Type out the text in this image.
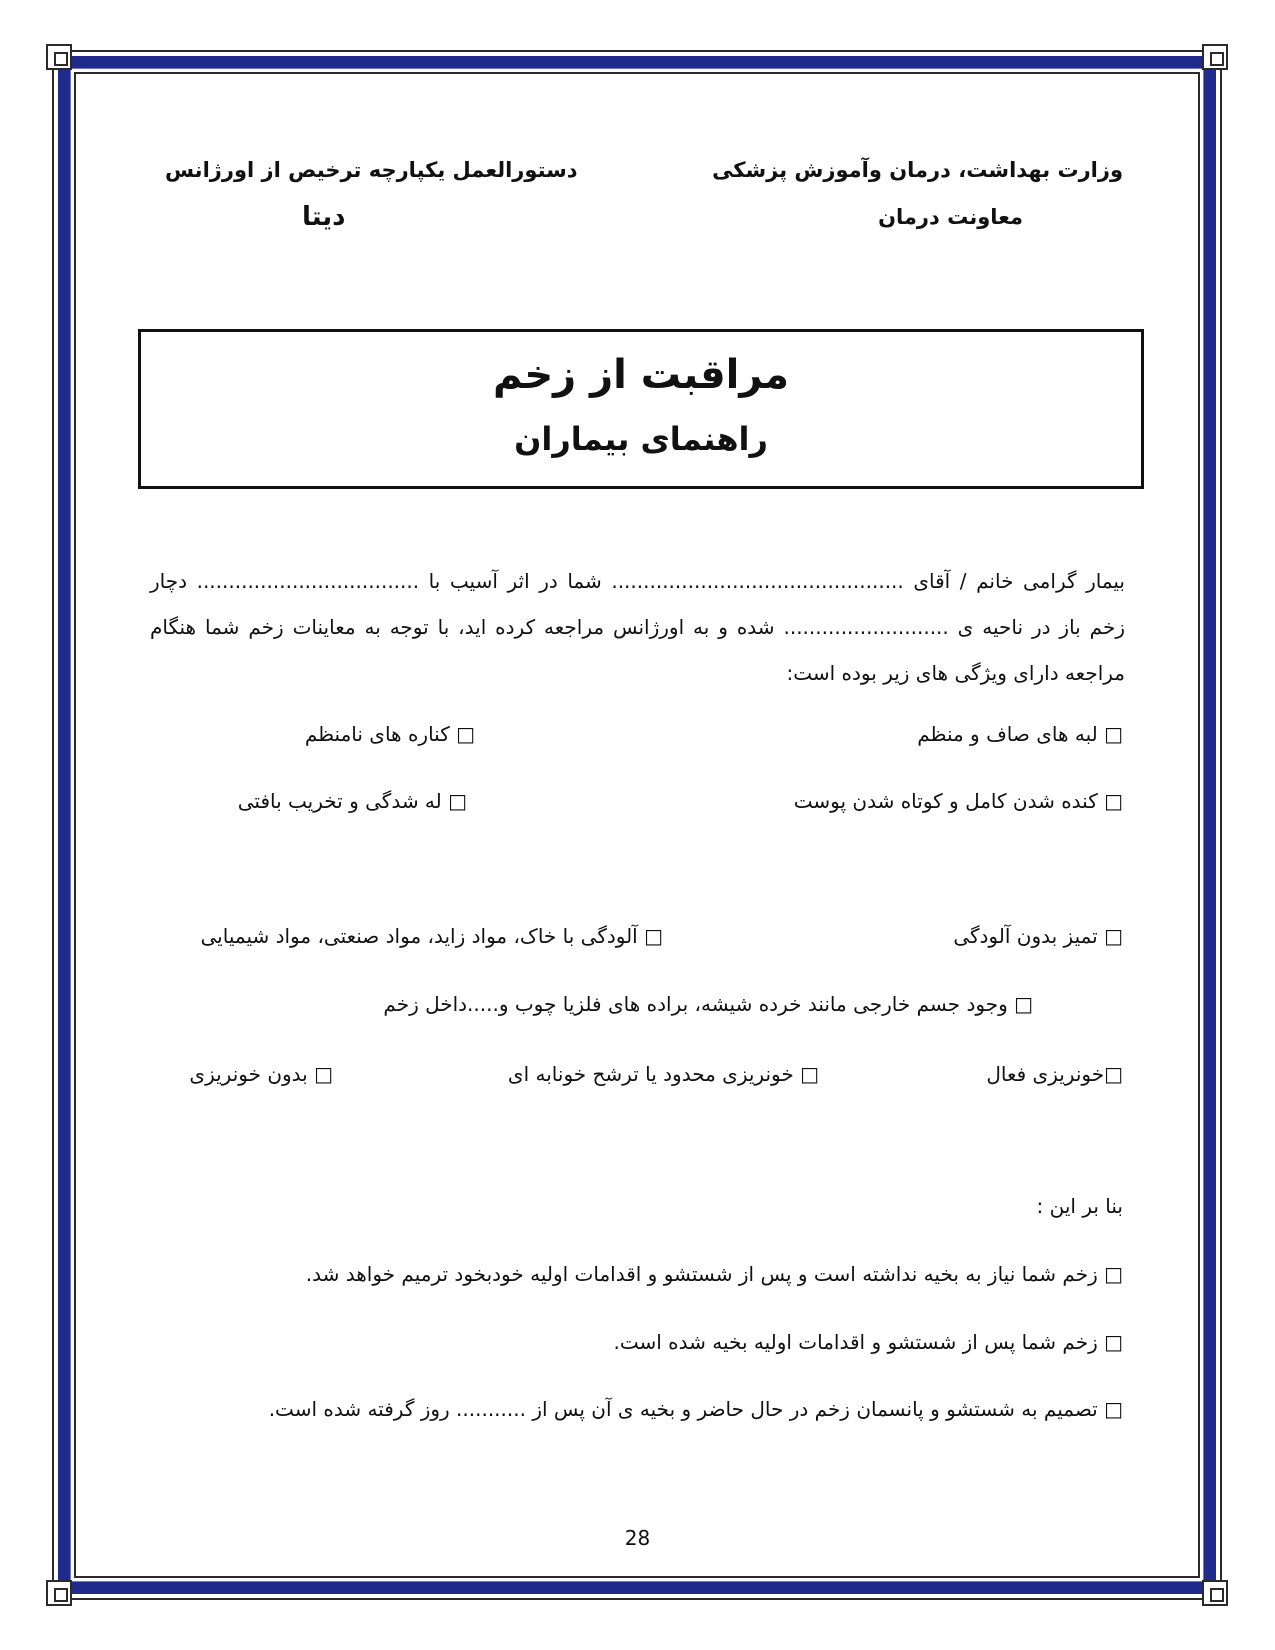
وزارت بهداشت، درمان وآموزش پزشکی
معاونت درمان
دستورالعمل یکپارچه ترخیص از اورژانس
دیتا
مراقبت از زخم
راهنمای بیماران
بیمار گرامی خانم / آقای .............................................. شما در اثر آسیب با ................................... دچار زخم باز در ناحیه ی .......................... شده و به اورژانس مراجعه کرده اید، با توجه به معاینات زخم شما هنگام مراجعه دارای ویژگی های زیر بوده است:
□ لبه های صاف و منظم
□ کناره های نامنظم
□ کنده شدن کامل و کوتاه شدن پوست
□ له شدگی و تخریب بافتی
□ تمیز بدون آلودگی
□ آلودگی با خاک، مواد زاید، مواد صنعتی، مواد شیمیایی
□ وجود جسم خارجی مانند خرده شیشه، براده های فلزیا چوب و.....داخل زخم
□خونریزی فعال
□ خونریزی محدود یا ترشح خونابه ای
□ بدون خونریزی
بنا بر این :
□ زخم شما نیاز به بخیه نداشته است و پس از شستشو و اقدامات اولیه خودبخود ترمیم خواهد شد.
□ زخم شما پس از شستشو و اقدامات اولیه بخیه شده است.
□ تصمیم به شستشو و پانسمان زخم در حال حاضر و بخیه ی آن پس از ........... روز گرفته شده است.
28
